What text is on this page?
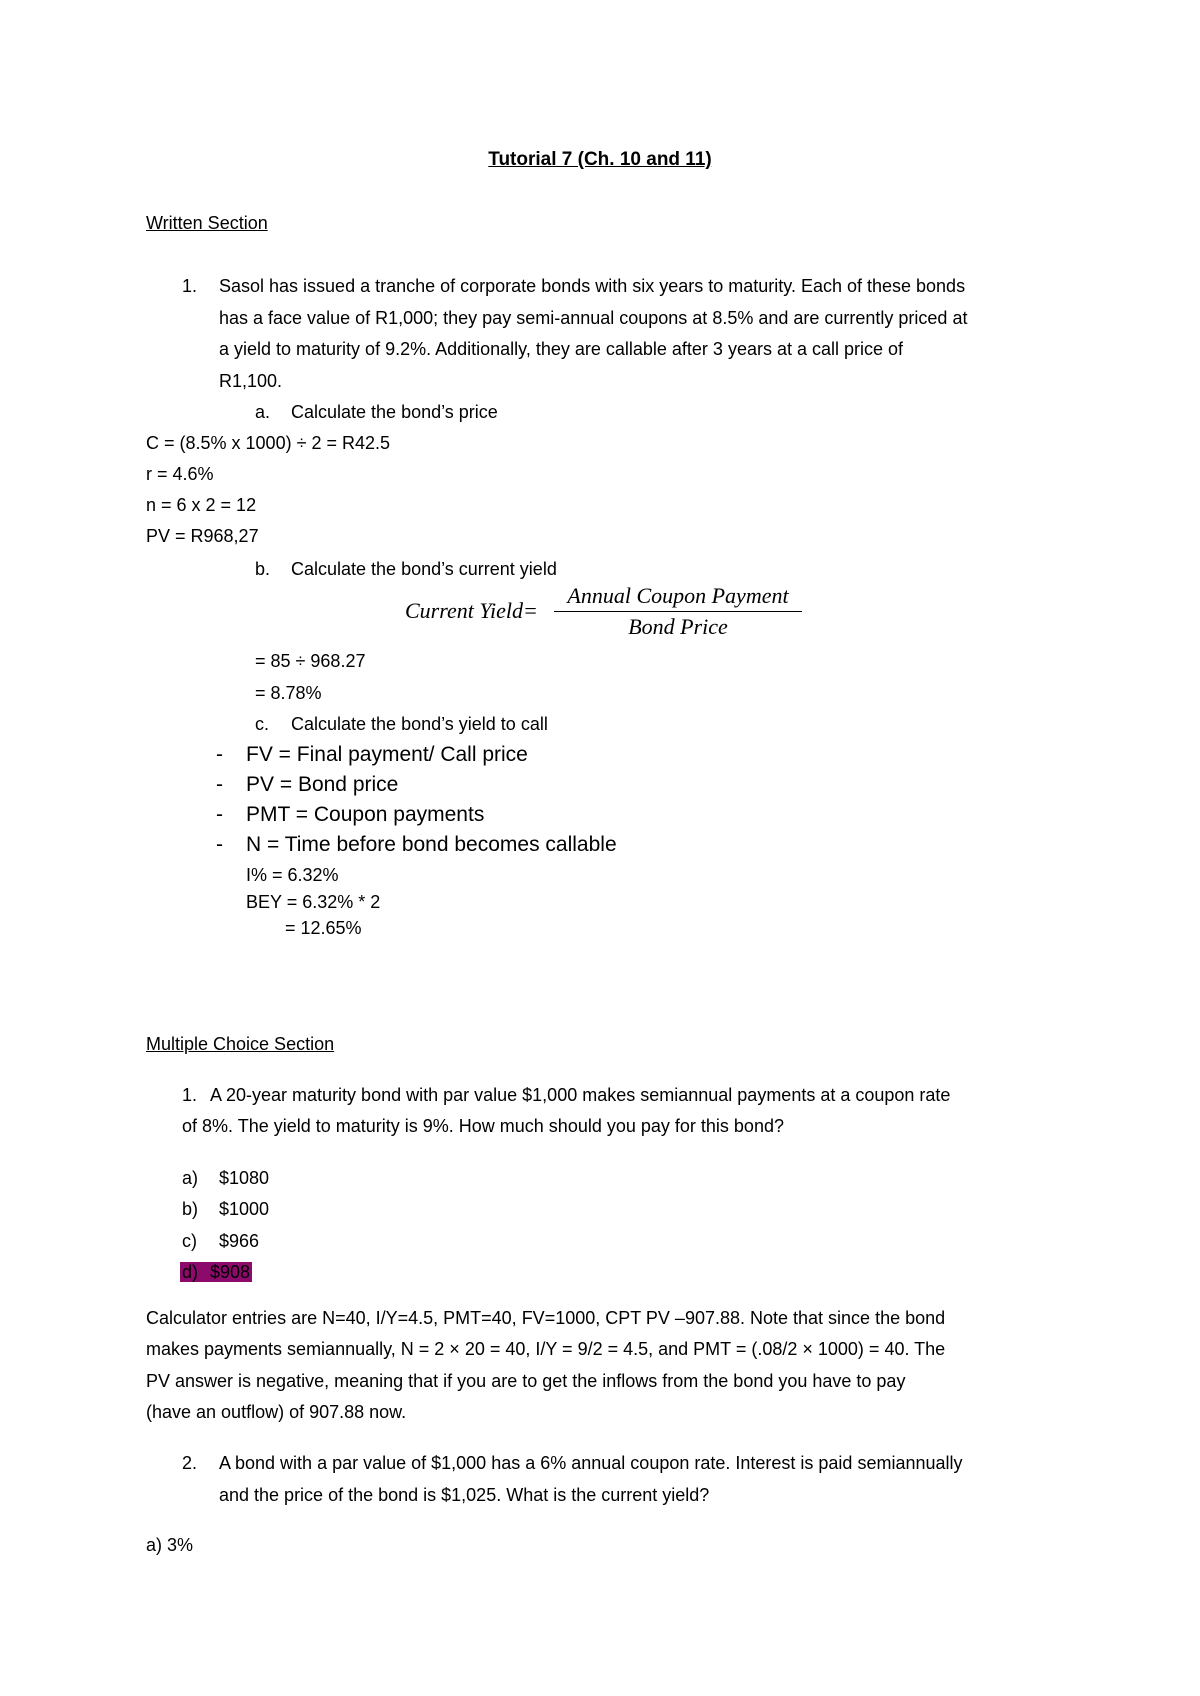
Tutorial 7 (Ch. 10 and 11)
Written Section
1. Sasol has issued a tranche of corporate bonds with six years to maturity. Each of these bonds
has a face value of R1,000; they pay semi-annual coupons at 8.5% and are currently priced at
a yield to maturity of 9.2%. Additionally, they are callable after 3 years at a call price of
R1,100.
a. Calculate the bond’s price
C = (8.5% x 1000) ÷ 2 = R42.5
r = 4.6%
n = 6 x 2 = 12
PV = R968,27
b. Calculate the bond’s current yield
Current Yield=
Annual Coupon Payment
Bond Price
= 85 ÷ 968.27
= 8.78%
c. Calculate the bond’s yield to call
- FV = Final payment/ Call price
- PV = Bond price
- PMT = Coupon payments
- N = Time before bond becomes callable
I% = 6.32%
BEY = 6.32% * 2
= 12.65%
Multiple Choice Section
1. A 20-year maturity bond with par value $1,000 makes semiannual payments at a coupon rate
of 8%. The yield to maturity is 9%. How much should you pay for this bond?
a) $1080
b) $1000
c) $966
d) $908
Calculator entries are N=40, I/Y=4.5, PMT=40, FV=1000, CPT PV –907.88. Note that since the bond
makes payments semiannually, N = 2 × 20 = 40, I/Y = 9/2 = 4.5, and PMT = (.08/2 × 1000) = 40. The
PV answer is negative, meaning that if you are to get the inflows from the bond you have to pay
(have an outflow) of 907.88 now.
2. A bond with a par value of $1,000 has a 6% annual coupon rate. Interest is paid semiannually
and the price of the bond is $1,025. What is the current yield?
a) 3%
